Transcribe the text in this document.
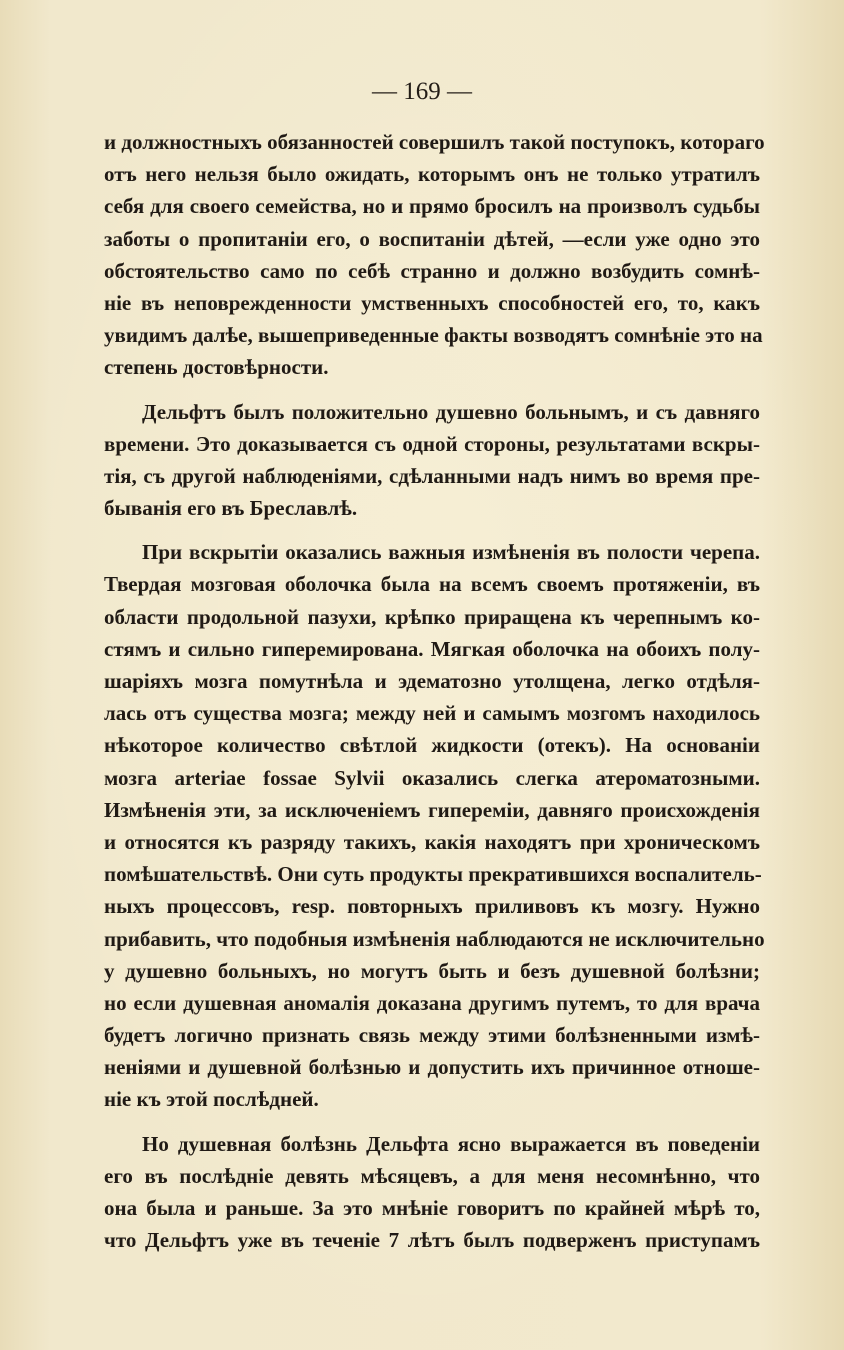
— 169 —
и должностныхъ обязанностей совершилъ такой поступокъ, котораго
отъ него нельзя было ожидать, которымъ онъ не только утратилъ
себя для своего семейства, но и прямо бросилъ на произволъ судьбы
заботы о пропитаніи его, о воспитаніи дѣтей, —если уже одно это
обстоятельство само по себѣ странно и должно возбудить сомнѣ-
ніе въ неповрежденности умственныхъ способностей его, то, какъ
увидимъ далѣе, вышеприведенные факты возводятъ сомнѣніе это на
степень достовѣрности.
Дельфтъ былъ положительно душевно больнымъ, и съ давняго
времени. Это доказывается съ одной стороны, результатами вскры-
тія, съ другой наблюденіями, сдѣланными надъ нимъ во время пре-
быванія его въ Бреславлѣ.
При вскрытіи оказались важныя измѣненія въ полости черепа.
Твердая мозговая оболочка была на всемъ своемъ протяженіи, въ
области продольной пазухи, крѣпко приращена къ черепнымъ ко-
стямъ и сильно гиперемирована. Мягкая оболочка на обоихъ полу-
шаріяхъ мозга помутнѣла и эдематозно утолщена, легко отдѣля-
лась отъ существа мозга; между ней и самымъ мозгомъ находилось
нѣкоторое количество свѣтлой жидкости (отекъ). На основаніи
мозга arteriae fossae Sylvii оказались слегка атероматозными.
Измѣненія эти, за исключеніемъ гипереміи, давняго происхожденія
и относятся къ разряду такихъ, какія находятъ при хроническомъ
помѣшательствѣ. Они суть продукты прекратившихся воспалитель-
ныхъ процессовъ, resp. повторныхъ приливовъ къ мозгу. Нужно
прибавить, что подобныя измѣненія наблюдаются не исключительно
у душевно больныхъ, но могутъ быть и безъ душевной болѣзни;
но если душевная аномалія доказана другимъ путемъ, то для врача
будетъ логично признать связь между этими болѣзненными измѣ-
неніями и душевной болѣзнью и допустить ихъ причинное отноше-
ніе къ этой послѣдней.
Но душевная болѣзнь Дельфта ясно выражается въ поведеніи
его въ послѣдніе девять мѣсяцевъ, а для меня несомнѣнно, что
она была и раньше. За это мнѣніе говоритъ по крайней мѣрѣ то,
что Дельфтъ уже въ теченіе 7 лѣтъ былъ подверженъ приступамъ
